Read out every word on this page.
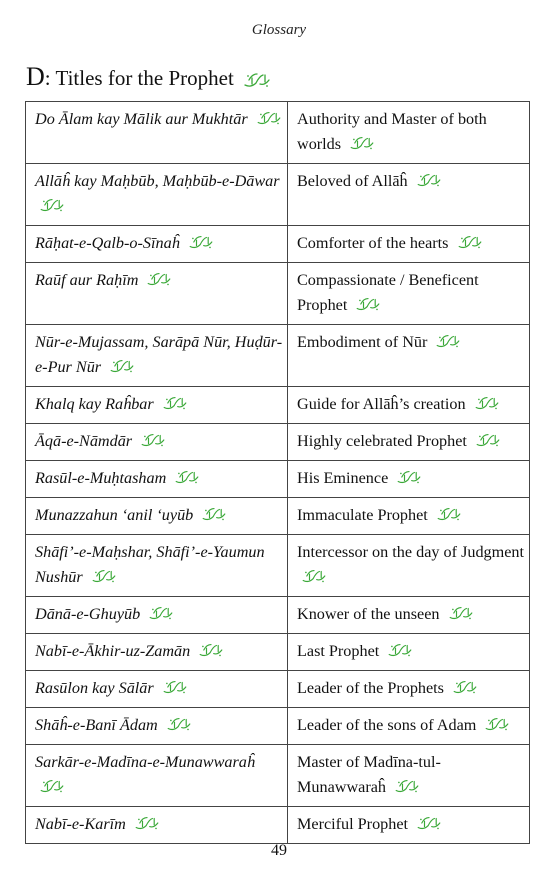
Glossary
D: Titles for the Prophet
Do Ālam kay Mālik aur Mukhtār	Authority and Master of both worlds

Allāĥ kay Maḥbūb, Maḥbūb-e-Dāwar	Beloved of Allāĥ

Rāḥat-e-Qalb-o-Sīnaĥ	Comforter of the hearts

Raūf aur Raḥīm	Compassionate / Beneficent Prophet

Nūr-e-Mujassam, Sarāpā Nūr, Huḍūr-e-Pur Nūr	Embodiment of Nūr

Khalq kay Raĥbar	Guide for Allāĥ’s creation

Āqā-e-Nāmdār	Highly celebrated Prophet

Rasūl-e-Muḥtasham	His Eminence

Munazzahun ‘anil ‘uyūb	Immaculate Prophet

Shāfi’-e-Maḥshar, Shāfi’-e-Yaumun Nushūr	Intercessor on the day of Judgment

Dānā-e-Ghuyūb	Knower of the unseen

Nabī-e-Ākhir-uz-Zamān	Last Prophet

Rasūlon kay Sālār	Leader of the Prophets

Shāĥ-e-Banī Ādam	Leader of the sons of Adam

Sarkār-e-Madīna-e-Munawwaraĥ	Master of Madīna-tul-Munawwaraĥ

Nabī-e-Karīm	Merciful Prophet
49
